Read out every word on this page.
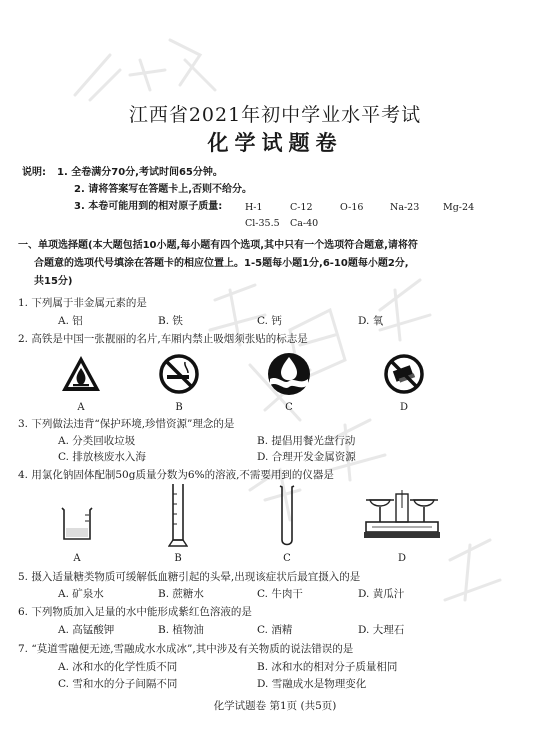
江西省2021年初中学业水平考试
化学试题卷
说明: 1. 全卷满分70分,考试时间65分钟。
2. 请将答案写在答题卡上,否则不给分。
3. 本卷可能用到的相对原子质量: H-1	C-12	O-16	Na-23 Mg-24
Cl-35.5 Ca-40
一、单项选择题(本大题包括10小题,每小题有四个选项,其中只有一个选项符合题意,请将符
合题意的选项代号填涂在答题卡的相应位置上。1-5题每小题1分,6-10题每小题2分,
共15分)
1. 下列属于非金属元素的是
A. 铝	B. 铁	C. 钙	D. 氧
2. 高铁是中国一张靓丽的名片,车厢内禁止吸烟须张贴的标志是
A	B	C	D
3. 下列做法违背“保护环境,珍惜资源”理念的是
A. 分类回收垃圾	B. 提倡用餐光盘行动
C. 排放核废水入海	D. 合理开发金属资源
4. 用氯化钠固体配制50g质量分数为6%的溶液,不需要用到的仪器是
A	B	C	D
5. 摄入适量糖类物质可缓解低血糖引起的头晕,出现该症状后最宜摄入的是
A. 矿泉水	B. 蔗糖水	C. 牛肉干	D. 黄瓜汁
6. 下列物质加入足量的水中能形成紫红色溶液的是
A. 高锰酸钾	B. 植物油	C. 酒精	D. 大理石
7. “莫道雪融便无迹,雪融成水水成冰”,其中涉及有关物质的说法错误的是
A. 冰和水的化学性质不同	B. 冰和水的相对分子质量相同
C. 雪和水的分子间隔不同	D. 雪融成水是物理变化
化学试题卷 第1页 (共5页)
